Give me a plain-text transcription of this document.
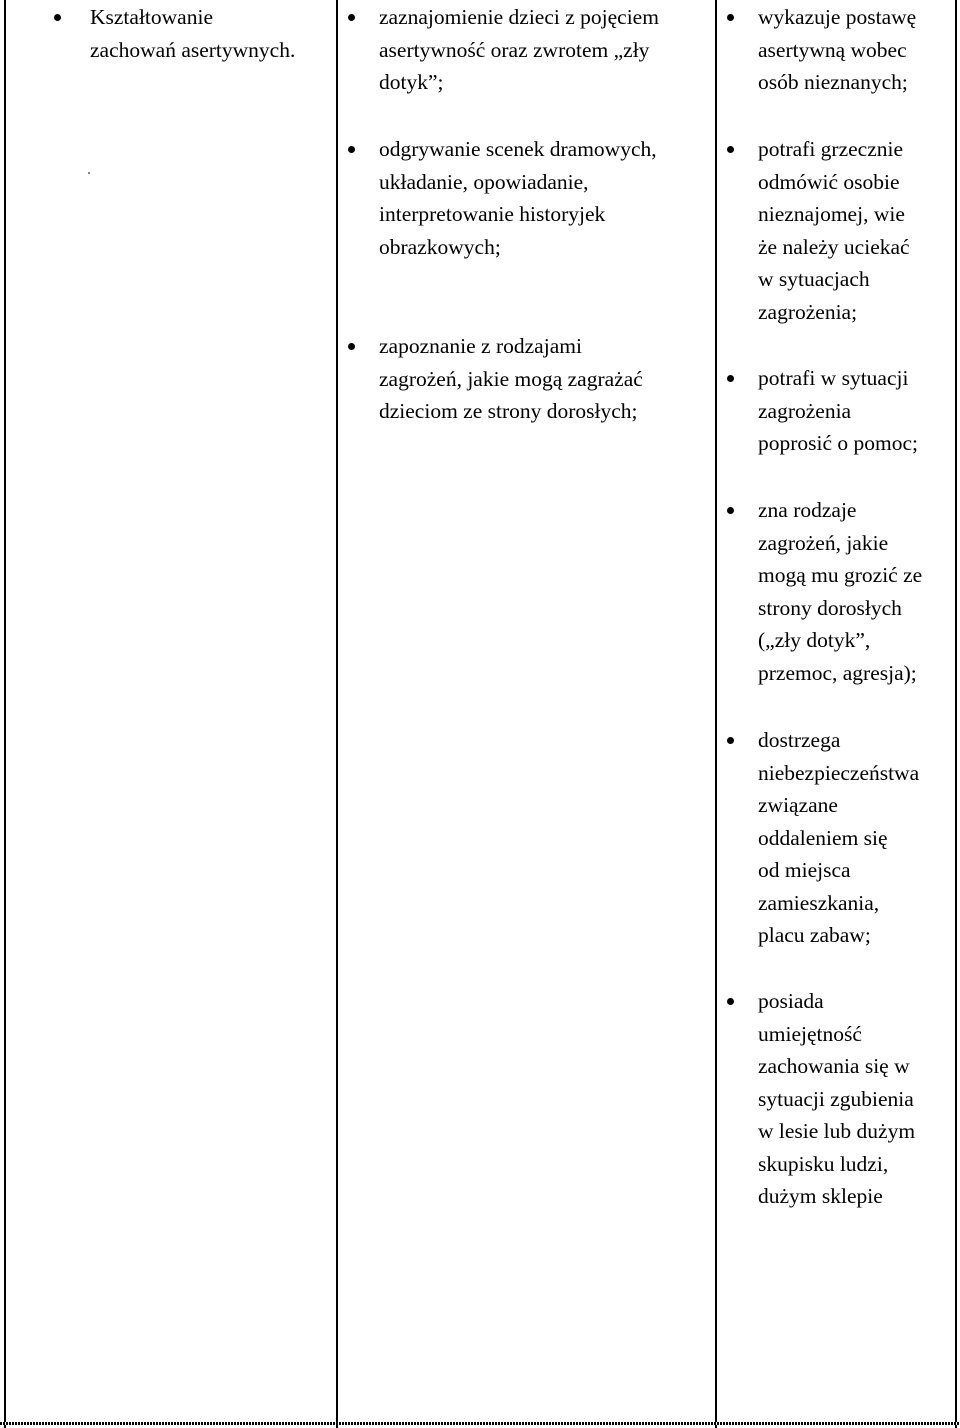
Kształtowanie
zachowań asertywnych.
zaznajomienie dzieci z pojęciem
asertywność oraz zwrotem „zły
dotyk”;
odgrywanie scenek dramowych,
układanie, opowiadanie,
interpretowanie historyjek
obrazkowych;
zapoznanie z rodzajami
zagrożeń, jakie mogą zagrażać
dzieciom ze strony dorosłych;
wykazuje postawę
asertywną wobec
osób nieznanych;
potrafi grzecznie
odmówić osobie
nieznajomej, wie
że należy uciekać
w sytuacjach
zagrożenia;
potrafi w sytuacji
zagrożenia
poprosić o pomoc;
zna rodzaje
zagrożeń, jakie
mogą mu grozić ze
strony dorosłych
(„zły dotyk”,
przemoc, agresja);
dostrzega
niebezpieczeństwa
związane
oddaleniem się
od miejsca
zamieszkania,
placu zabaw;
posiada
umiejętność
zachowania się w
sytuacji zgubienia
w lesie lub dużym
skupisku ludzi,
dużym sklepie
